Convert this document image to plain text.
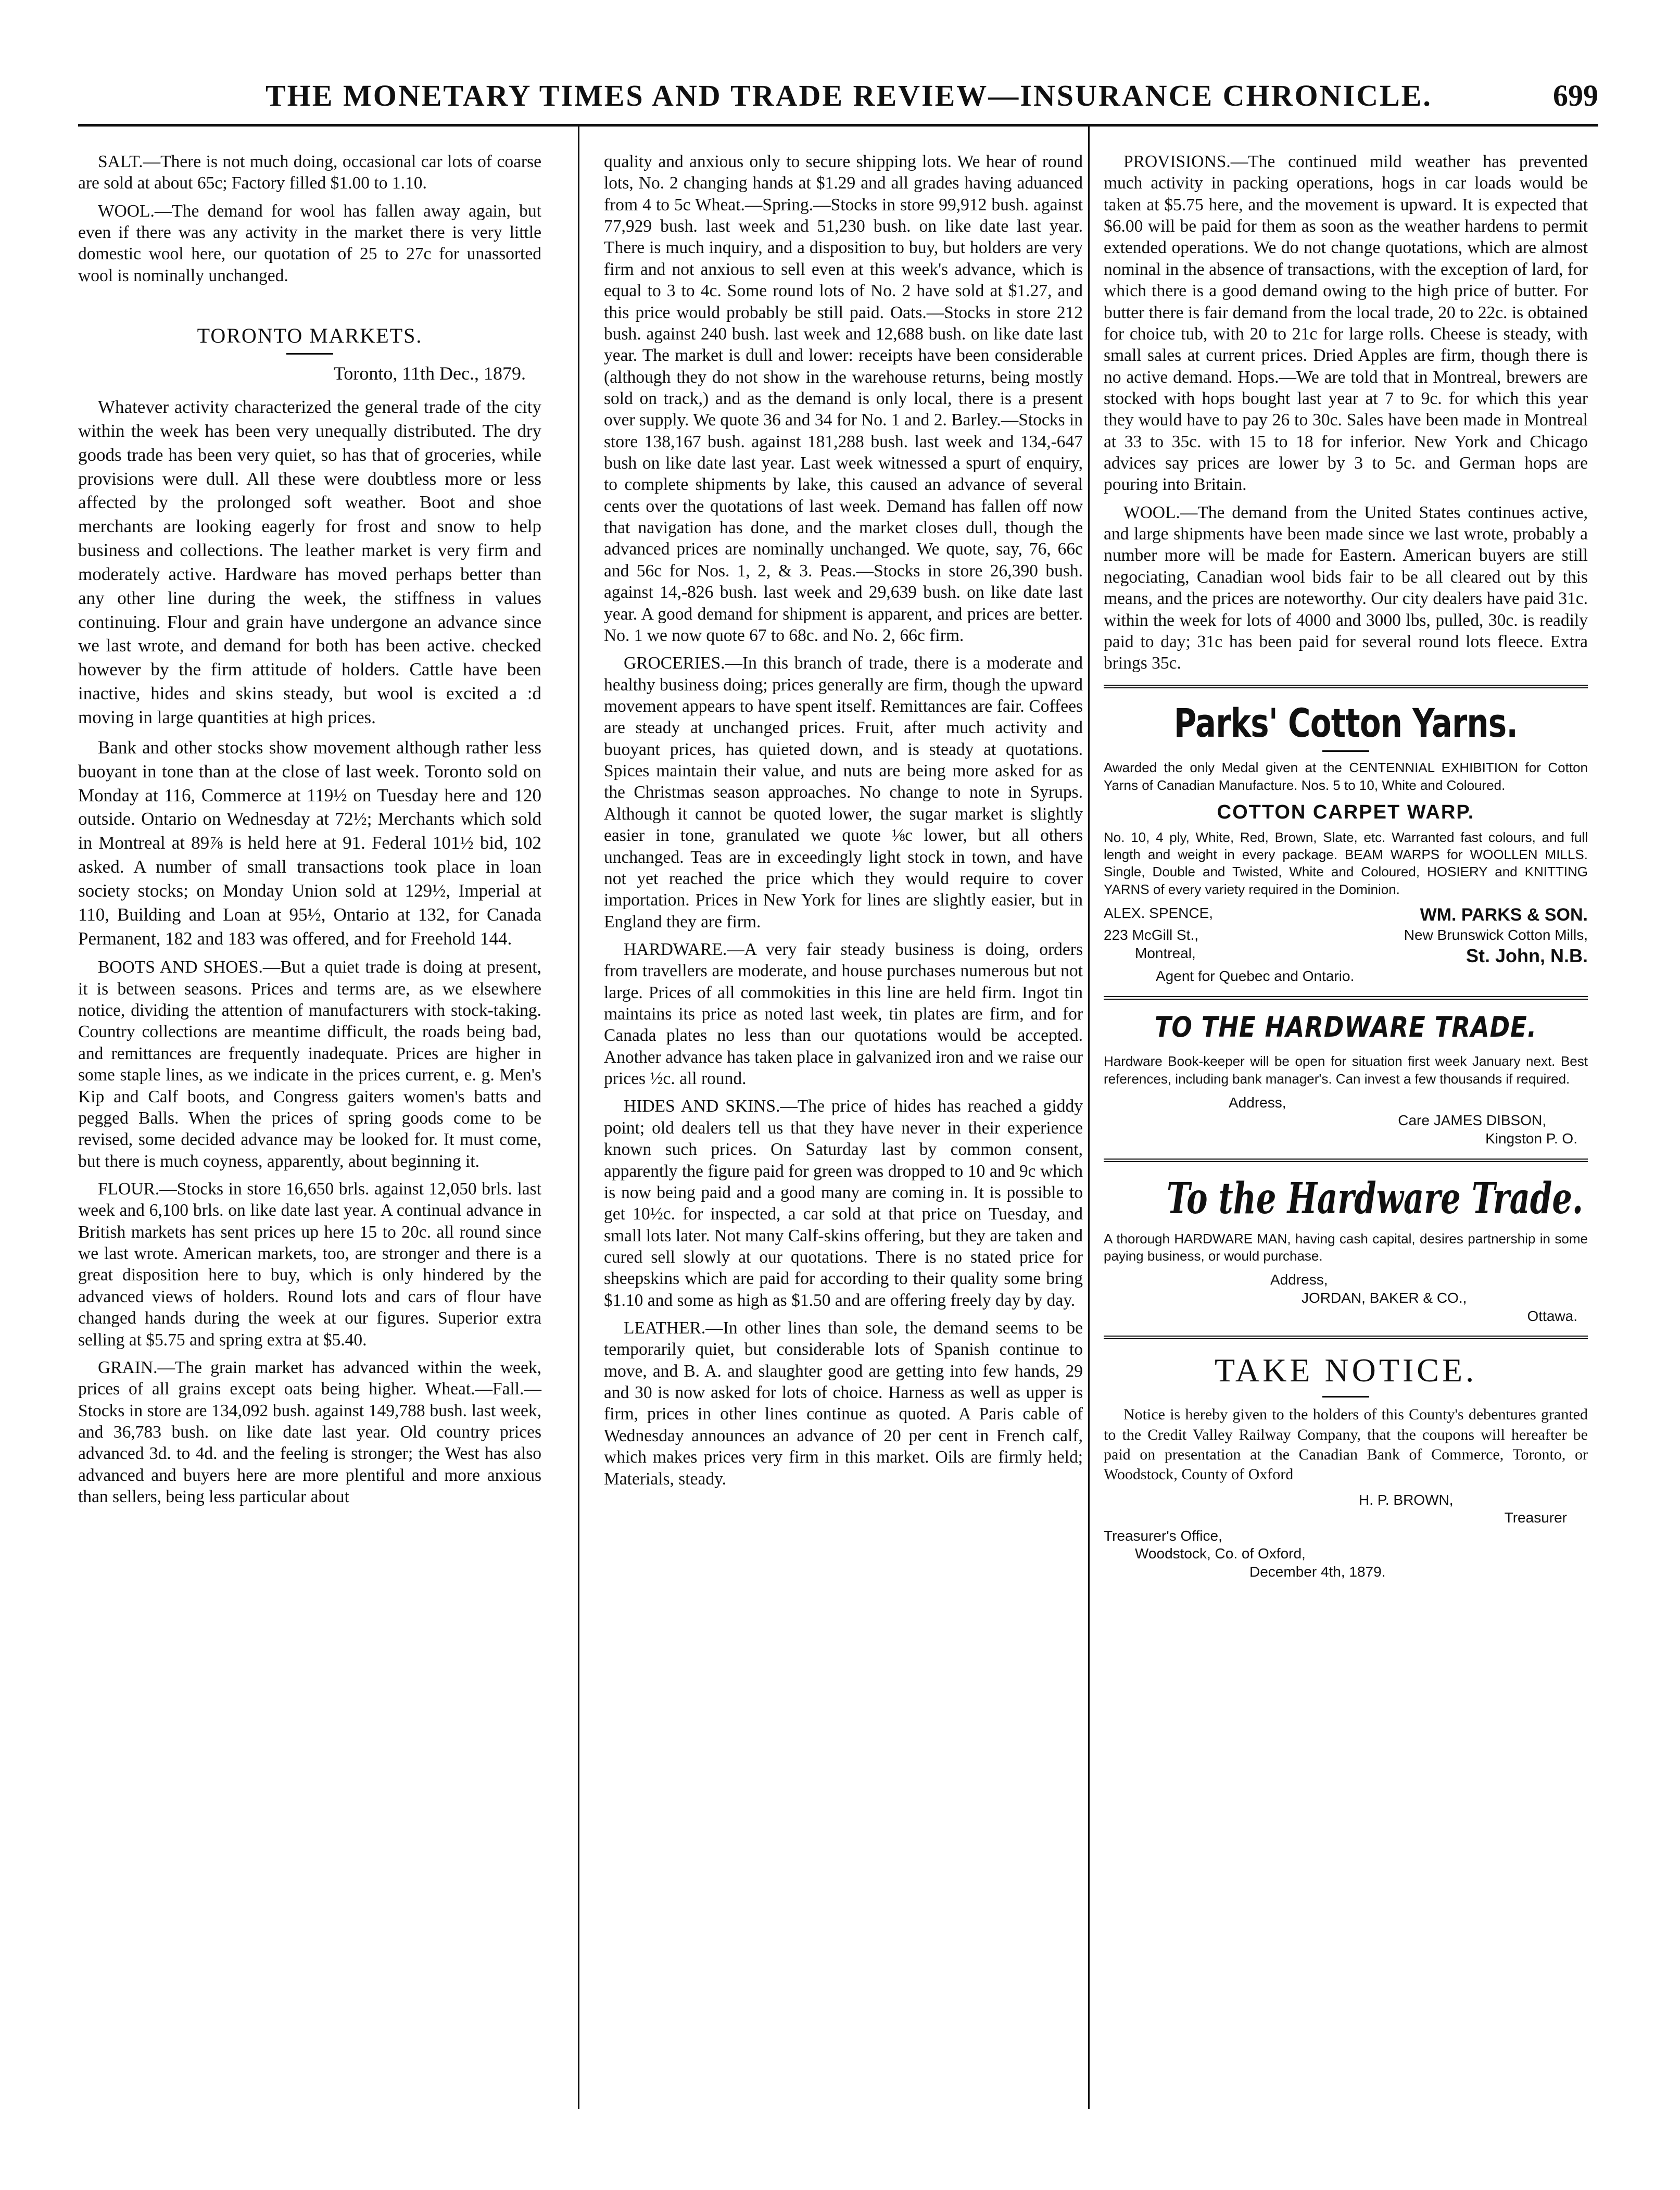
THE MONETARY TIMES AND TRADE REVIEW—INSURANCE CHRONICLE.	699

SALT.—There is not much doing, occasional car lots of coarse are sold at about 65c; Factory filled $1.00 to 1.10.

WOOL.—The demand for wool has fallen away again, but even if there was any activity in the market there is very little domestic wool here, our quotation of 25 to 27c for unassorted wool is nominally unchanged.

TORONTO MARKETS.
Toronto, 11th Dec., 1879.

Whatever activity characterized the general trade of the city within the week has been very unequally distributed. The dry goods trade has been very quiet, so has that of groceries, while provisions were dull. All these were doubtless more or less affected by the prolonged soft weather. Boot and shoe merchants are looking eagerly for frost and snow to help business and collections. The leather market is very firm and moderately active. Hardware has moved perhaps better than any other line during the week, the stiffness in values continuing. Flour and grain have undergone an advance since we last wrote, and demand for both has been active. checked however by the firm attitude of holders. Cattle have been inactive, hides and skins steady, but wool is excited a :d moving in large quantities at high prices.

Bank and other stocks show movement although rather less buoyant in tone than at the close of last week. Toronto sold on Monday at 116, Commerce at 119½ on Tuesday here and 120 outside. Ontario on Wednesday at 72½; Merchants which sold in Montreal at 89⅞ is held here at 91. Federal 101½ bid, 102 asked. A number of small transactions took place in loan society stocks; on Monday Union sold at 129½, Imperial at 110, Building and Loan at 95½, Ontario at 132, for Canada Permanent, 182 and 183 was offered, and for Freehold 144.

BOOTS AND SHOES.—But a quiet trade is doing at present, it is between seasons. Prices and terms are, as we elsewhere notice, dividing the attention of manufacturers with stock-taking. Country collections are meantime difficult, the roads being bad, and remittances are frequently inadequate. Prices are higher in some staple lines, as we indicate in the prices current, e. g. Men's Kip and Calf boots, and Congress gaiters women's batts and pegged Balls. When the prices of spring goods come to be revised, some decided advance may be looked for. It must come, but there is much coyness, apparently, about beginning it.

FLOUR.—Stocks in store 16,650 brls. against 12,050 brls. last week and 6,100 brls. on like date last year. A continual advance in British markets has sent prices up here 15 to 20c. all round since we last wrote. American markets, too, are stronger and there is a great disposition here to buy, which is only hindered by the advanced views of holders. Round lots and cars of flour have changed hands during the week at our figures. Superior extra selling at $5.75 and spring extra at $5.40.

GRAIN.—The grain market has advanced within the week, prices of all grains except oats being higher. Wheat.—Fall.—Stocks in store are 134,092 bush. against 149,788 bush. last week, and 36,783 bush. on like date last year. Old country prices advanced 3d. to 4d. and the feeling is stronger; the West has also advanced and buyers here are more plentiful and more anxious than sellers, being less particular about

quality and anxious only to secure shipping lots. We hear of round lots, No. 2 changing hands at $1.29 and all grades having aduanced from 4 to 5c Wheat.—Spring.—Stocks in store 99,912 bush. against 77,929 bush. last week and 51,230 bush. on like date last year. There is much inquiry, and a disposition to buy, but holders are very firm and not anxious to sell even at this week's advance, which is equal to 3 to 4c. Some round lots of No. 2 have sold at $1.27, and this price would probably be still paid. Oats.—Stocks in store 212 bush. against 240 bush. last week and 12,688 bush. on like date last year. The market is dull and lower: receipts have been considerable (although they do not show in the warehouse returns, being mostly sold on track,) and as the demand is only local, there is a present over supply. We quote 36 and 34 for No. 1 and 2. Barley.—Stocks in store 138,167 bush. against 181,288 bush. last week and 134,-647 bush on like date last year. Last week witnessed a spurt of enquiry, to complete shipments by lake, this caused an advance of several cents over the quotations of last week. Demand has fallen off now that navigation has done, and the market closes dull, though the advanced prices are nominally unchanged. We quote, say, 76, 66c and 56c for Nos. 1, 2, & 3. Peas.—Stocks in store 26,390 bush. against 14,-826 bush. last week and 29,639 bush. on like date last year. A good demand for shipment is apparent, and prices are better. No. 1 we now quote 67 to 68c. and No. 2, 66c firm.

GROCERIES.—In this branch of trade, there is a moderate and healthy business doing; prices generally are firm, though the upward movement appears to have spent itself. Remittances are fair. Coffees are steady at unchanged prices. Fruit, after much activity and buoyant prices, has quieted down, and is steady at quotations. Spices maintain their value, and nuts are being more asked for as the Christmas season approaches. No change to note in Syrups. Although it cannot be quoted lower, the sugar market is slightly easier in tone, granulated we quote ⅛c lower, but all others unchanged. Teas are in exceedingly light stock in town, and have not yet reached the price which they would require to cover importation. Prices in New York for lines are slightly easier, but in England they are firm.

HARDWARE.—A very fair steady business is doing, orders from travellers are moderate, and house purchases numerous but not large. Prices of all commokities in this line are held firm. Ingot tin maintains its price as noted last week, tin plates are firm, and for Canada plates no less than our quotations would be accepted. Another advance has taken place in galvanized iron and we raise our prices ½c. all round.

HIDES AND SKINS.—The price of hides has reached a giddy point; old dealers tell us that they have never in their experience known such prices. On Saturday last by common consent, apparently the figure paid for green was dropped to 10 and 9c which is now being paid and a good many are coming in. It is possible to get 10½c. for inspected, a car sold at that price on Tuesday, and small lots later. Not many Calf-skins offering, but they are taken and cured sell slowly at our quotations. There is no stated price for sheepskins which are paid for according to their quality some bring $1.10 and some as high as $1.50 and are offering freely day by day.

LEATHER.—In other lines than sole, the demand seems to be temporarily quiet, but considerable lots of Spanish continue to move, and B. A. and slaughter good are getting into few hands, 29 and 30 is now asked for lots of choice. Harness as well as upper is firm, prices in other lines continue as quoted. A Paris cable of Wednesday announces an advance of 20 per cent in French calf, which makes prices very firm in this market. Oils are firmly held; Materials, steady.

PROVISIONS.—The continued mild weather has prevented much activity in packing operations, hogs in car loads would be taken at $5.75 here, and the movement is upward. It is expected that $6.00 will be paid for them as soon as the weather hardens to permit extended operations. We do not change quotations, which are almost nominal in the absence of transactions, with the exception of lard, for which there is a good demand owing to the high price of butter. For butter there is fair demand from the local trade, 20 to 22c. is obtained for choice tub, with 20 to 21c for large rolls. Cheese is steady, with small sales at current prices. Dried Apples are firm, though there is no active demand. Hops.—We are told that in Montreal, brewers are stocked with hops bought last year at 7 to 9c. for which this year they would have to pay 26 to 30c. Sales have been made in Montreal at 33 to 35c. with 15 to 18 for inferior. New York and Chicago advices say prices are lower by 3 to 5c. and German hops are pouring into Britain.

WOOL.—The demand from the United States continues active, and large shipments have been made since we last wrote, probably a number more will be made for Eastern. American buyers are still negociating, Canadian wool bids fair to be all cleared out by this means, and the prices are noteworthy. Our city dealers have paid 31c. within the week for lots of 4000 and 3000 lbs, pulled, 30c. is readily paid to day; 31c has been paid for several round lots fleece. Extra brings 35c.

Parks' Cotton Yarns.

Awarded the only Medal given at the CENTENNIAL EXHIBITION for Cotton Yarns of Canadian Manufacture. Nos. 5 to 10, White and Coloured.

COTTON CARPET WARP.

No. 10, 4 ply, White, Red, Brown, Slate, etc. Warranted fast colours, and full length and weight in every package. BEAM WARPS for WOOLLEN MILLS. Single, Double and Twisted, White and Coloured, HOSIERY and KNITTING YARNS of every variety required in the Dominion.

ALEX. SPENCE,	WM. PARKS & SON.
223 McGill St.,	New Brunswick Cotton Mills,
Montreal,	St. John, N.B.
Agent for Quebec and Ontario.
TO THE HARDWARE TRADE.

Hardware Book-keeper will be open for situation first week January next. Best references, including bank manager's. Can invest a few thousands if required.

Address,
Care JAMES DIBSON,
Kingston P. O.
To the Hardware Trade.

A thorough HARDWARE MAN, having cash capital, desires partnership in some paying business, or would purchase.

Address,
JORDAN, BAKER & CO.,
Ottawa.
TAKE NOTICE.

Notice is hereby given to the holders of this County's debentures granted to the Credit Valley Railway Company, that the coupons will hereafter be paid on presentation at the Canadian Bank of Commerce, Toronto, or Woodstock, County of Oxford

H. P. BROWN,
Treasurer
Treasurer's Office,
Woodstock, Co. of Oxford,
December 4th, 1879.
